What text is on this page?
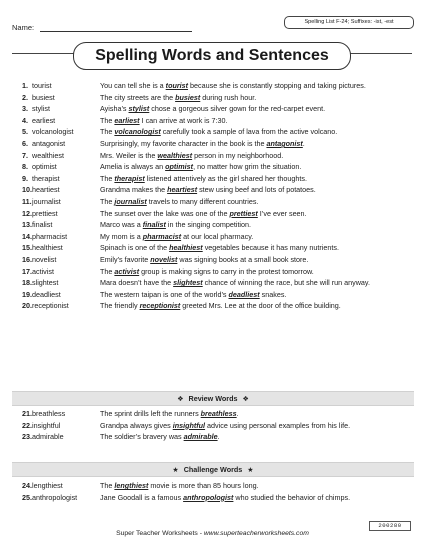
Name:
Spelling List F-24; Suffixes: -ist, -est
Spelling Words and Sentences
1. tourist	You can tell she is a tourist because she is constantly stopping and taking pictures.
2. busiest	The city streets are the busiest during rush hour.
3. stylist	Ayisha’s stylist chose a gorgeous silver gown for the red-carpet event.
4. earliest	The earliest I can arrive at work is 7:30.
5. volcanologist	The volcanologist carefully took a sample of lava from the active volcano.
6. antagonist	Surprisingly, my favorite character in the book is the antagonist.
7. wealthiest	Mrs. Weiler is the wealthiest person in my neighborhood.
8. optimist	Amelia is always an optimist, no matter how grim the situation.
9. therapist	The therapist listened attentively as the girl shared her thoughts.
10. heartiest	Grandma makes the heartiest stew using beef and lots of potatoes.
11. journalist	The journalist travels to many different countries.
12. prettiest	The sunset over the lake was one of the prettiest I’ve ever seen.
13. finalist	Marco was a finalist in the singing competition.
14. pharmacist	My mom is a pharmacist at our local pharmacy.
15. healthiest	Spinach is one of the healthiest vegetables because it has many nutrients.
16. novelist	Emily’s favorite novelist was signing books at a small book store.
17. activist	The activist group is making signs to carry in the protest tomorrow.
18. slightest	Mara doesn’t have the slightest chance of winning the race, but she will run anyway.
19. deadliest	The western taipan is one of the world’s deadliest snakes.
20. receptionist	The friendly receptionist greeted Mrs. Lee at the door of the office building.
❖ Review Words ❖
21. breathless	The sprint drills left the runners breathless.
22. insightful	Grandpa always gives insightful advice using personal examples from his life.
23. admirable	The soldier’s bravery was admirable.
★ Challenge Words ★
24. lengthiest	The lengthiest movie is more than 85 hours long.
25. anthropologist	Jane Goodall is a famous anthropologist who studied the behavior of chimps.
200280
Super Teacher Worksheets - www.superteacherworksheets.com
